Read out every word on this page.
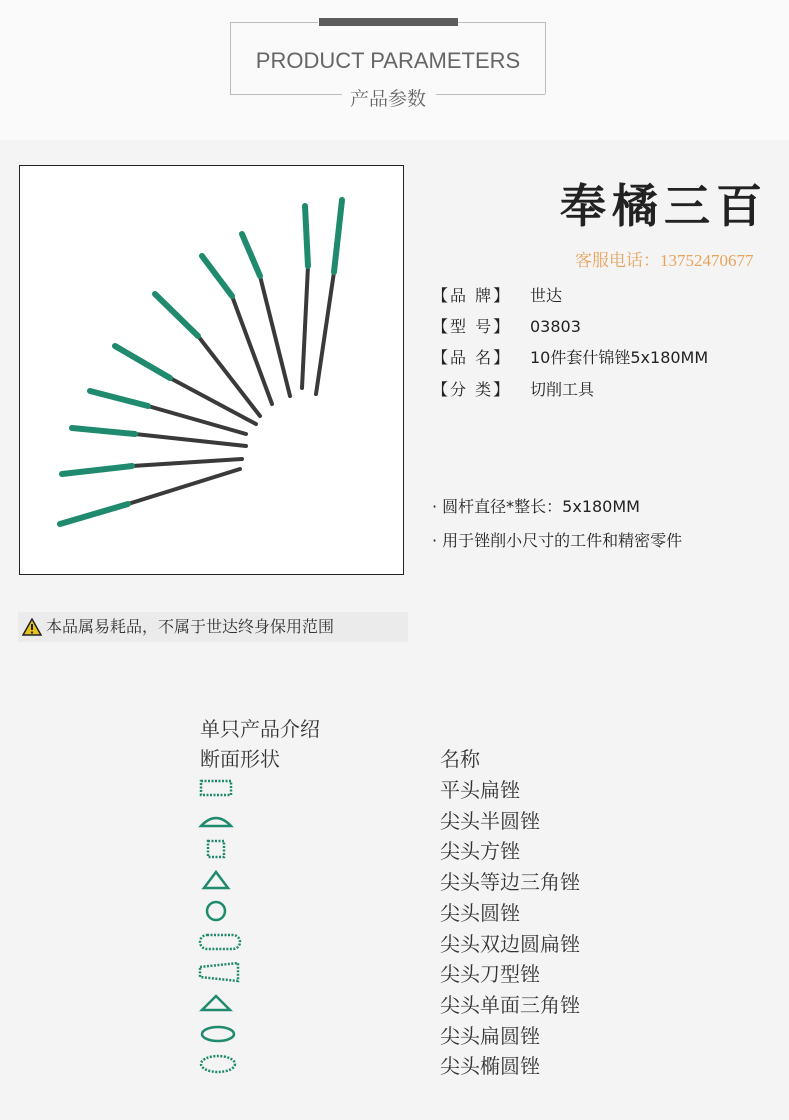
PRODUCT PARAMETERS
产品参数
奉橘三百
客服电话：13752470677
【品 牌】 世达
【型 号】 03803
【品 名】 10件套什锦锉5x180MM
【分 类】 切削工具
· 圆杆直径*整长：5x180MM
· 用于锉削小尺寸的工件和精密零件
本品属易耗品，不属于世达终身保用范围
单只产品介绍
断面形状	名称
平头扁锉
尖头半圆锉
尖头方锉
尖头等边三角锉
尖头圆锉
尖头双边圆扁锉
尖头刀型锉
尖头单面三角锉
尖头扁圆锉
尖头椭圆锉
